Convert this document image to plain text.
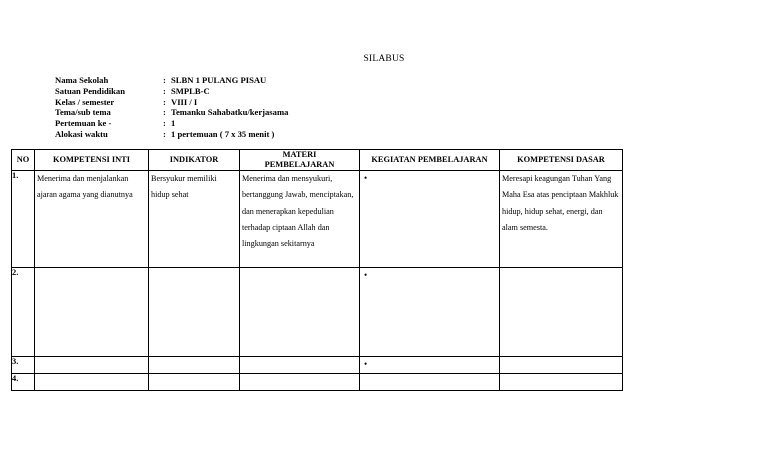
SILABUS
Nama Sekolah	: SLBN 1 PULANG PISAU
Satuan Pendidikan	: SMPLB-C
Kelas / semester	: VIII / I
Tema/sub tema	: Temanku Sahabatku/kerjasama
Pertemuan ke -	: 1
Alokasi waktu	: 1 pertemuan ( 7 x 35 menit )
NO	KOMPETENSI INTI	INDIKATOR	MATERI PEMBELAJARAN	KEGIATAN PEMBELAJARAN	KOMPETENSI DASAR
1.	Menerima dan menjalankan ajaran agama yang dianutnya	Bersyukur memiliki hidup sehat	Menerima dan mensyukuri, bertanggung Jawab, menciptakan, dan menerapkan kepedulian terhadap ciptaan Allah dan lingkungan sekitarnya	•	Meresapi keagungan Tuhan Yang Maha Esa atas penciptaan Makhluk hidup, hidup sehat, energi, dan alam semesta.

2.				•	

3.				•	

4.					
